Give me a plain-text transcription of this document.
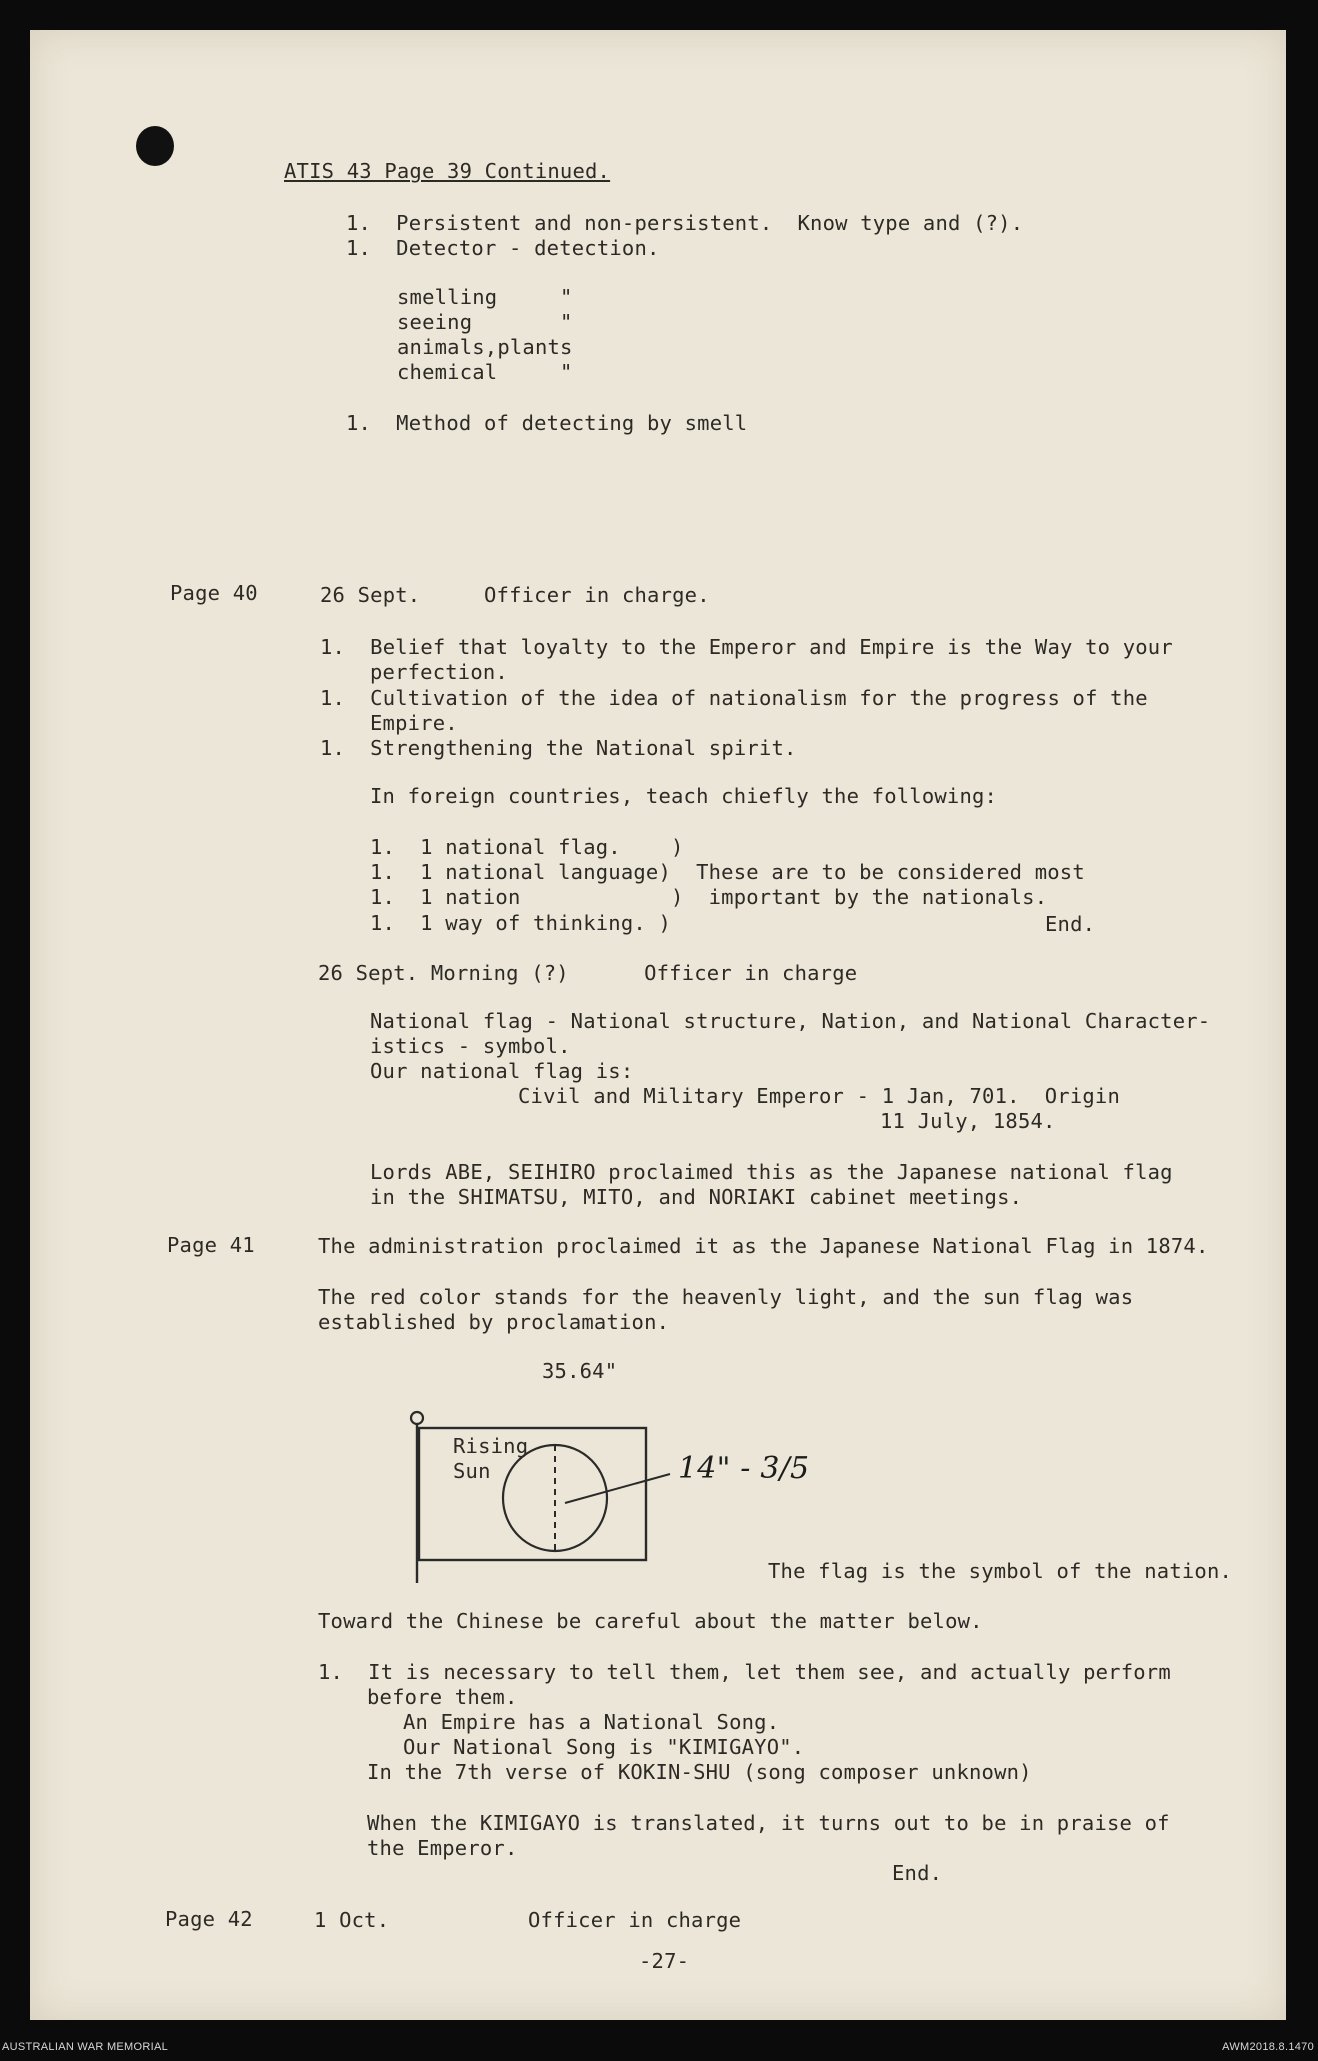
ATIS 43 Page 39 Continued.
1.  Persistent and non-persistent.  Know type and (?).
1.  Detector - detection.
smelling     "
seeing       "
animals,plants
chemical     "
1.  Method of detecting by smell
Page 40	26 Sept.	Officer in charge.
1.  Belief that loyalty to the Emperor and Empire is the Way to your
perfection.
1.  Cultivation of the idea of nationalism for the progress of the
Empire.
1.  Strengthening the National spirit.
In foreign countries, teach chiefly the following:
1.  1 national flag.    )
1.  1 national language)  These are to be considered most
1.  1 nation            )  important by the nationals.
1.  1 way of thinking. )	End.
26 Sept. Morning (?)      Officer in charge
National flag - National structure, Nation, and National Character-
istics - symbol.
Our national flag is:
Civil and Military Emperor - 1 Jan, 701.  Origin
11 July, 1854.
Lords ABE, SEIHIRO proclaimed this as the Japanese national flag
in the SHIMATSU, MITO, and NORIAKI cabinet meetings.
Page 41	The administration proclaimed it as the Japanese National Flag in 1874.
The red color stands for the heavenly light, and the sun flag was
established by proclamation.
35.64"
Rising
Sun	14" - 3/5
The flag is the symbol of the nation.
Toward the Chinese be careful about the matter below.
1.  It is necessary to tell them, let them see, and actually perform
before them.
An Empire has a National Song.
Our National Song is "KIMIGAYO".
In the 7th verse of KOKIN-SHU (song composer unknown)
When the KIMIGAYO is translated, it turns out to be in praise of
the Emperor.
End.
Page 42	1 Oct.	Officer in charge
-27-
AUSTRALIAN WAR MEMORIAL	AWM2018.8.1470
